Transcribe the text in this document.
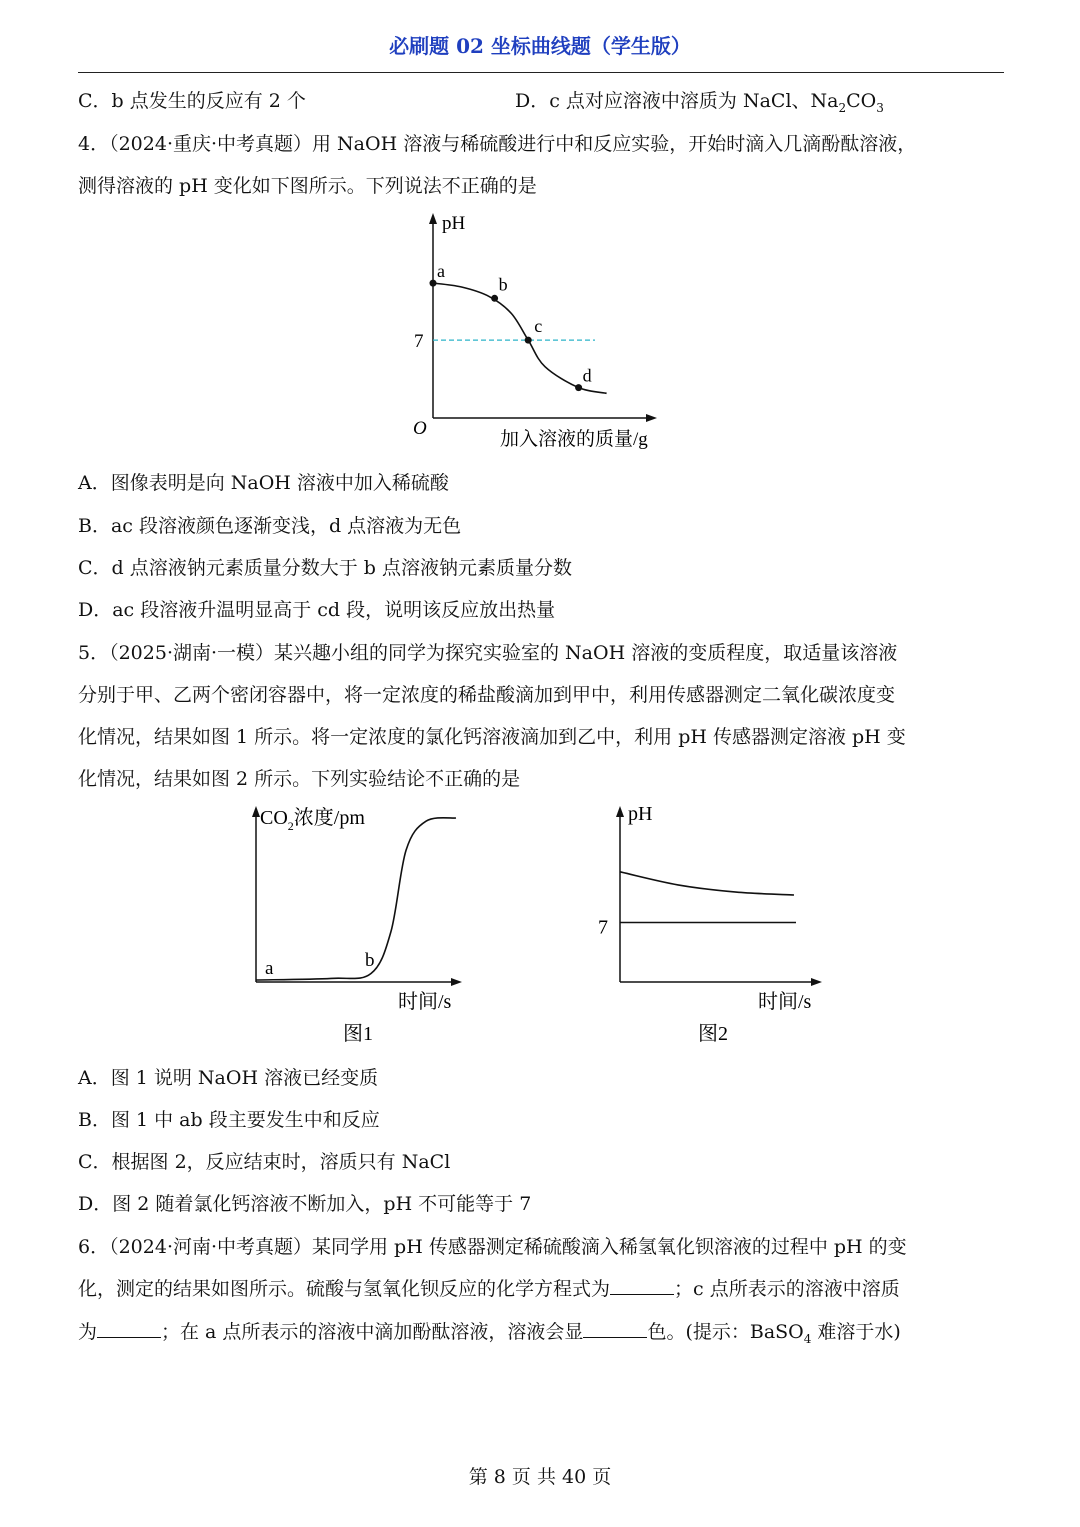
必刷题 02 坐标曲线题（学生版）
C．b 点发生的反应有 2 个	D．c 点对应溶液中溶质为 NaCl、$Na_2CO_3$
4．（2024·重庆·中考真题）用 NaOH 溶液与稀硫酸进行中和反应实验，开始时滴入几滴酚酞溶液，
测得溶液的 pH 变化如下图所示。下列说法不正确的是
pH
加入溶液的质量/g
O
7
a
b
c
d
A．图像表明是向 NaOH 溶液中加入稀硫酸
B．ac 段溶液颜色逐渐变浅，d 点溶液为无色
C．d 点溶液钠元素质量分数大于 b 点溶液钠元素质量分数
D．ac 段溶液升温明显高于 cd 段，说明该反应放出热量
5．（2025·湖南·一模）某兴趣小组的同学为探究实验室的 NaOH 溶液的变质程度，取适量该溶液
分别于甲、乙两个密闭容器中，将一定浓度的稀盐酸滴加到甲中，利用传感器测定二氧化碳浓度变
化情况，结果如图 1 所示。将一定浓度的氯化钙溶液滴加到乙中，利用 pH 传感器测定溶液 pH 变
化情况，结果如图 2 所示。下列实验结论不正确的是
$CO_2$浓度/pm
时间/s
图1
a	b
pH
时间/s
图2
7
A．图 1 说明 NaOH 溶液已经变质
B．图 1 中 ab 段主要发生中和反应
C．根据图 2，反应结束时，溶质只有 NaCl
D．图 2 随着氯化钙溶液不断加入，pH 不可能等于 7
6．（2024·河南·中考真题）某同学用 pH 传感器测定稀硫酸滴入稀氢氧化钡溶液的过程中 pH 的变
化，测定的结果如图所示。硫酸与氢氧化钡反应的化学方程式为	；c 点所表示的溶液中溶质
为	；在 a 点所表示的溶液中滴加酚酞溶液，溶液会显	色。(提示：BaSO$_4$ 难溶于水)
第 8 页 共 40 页
